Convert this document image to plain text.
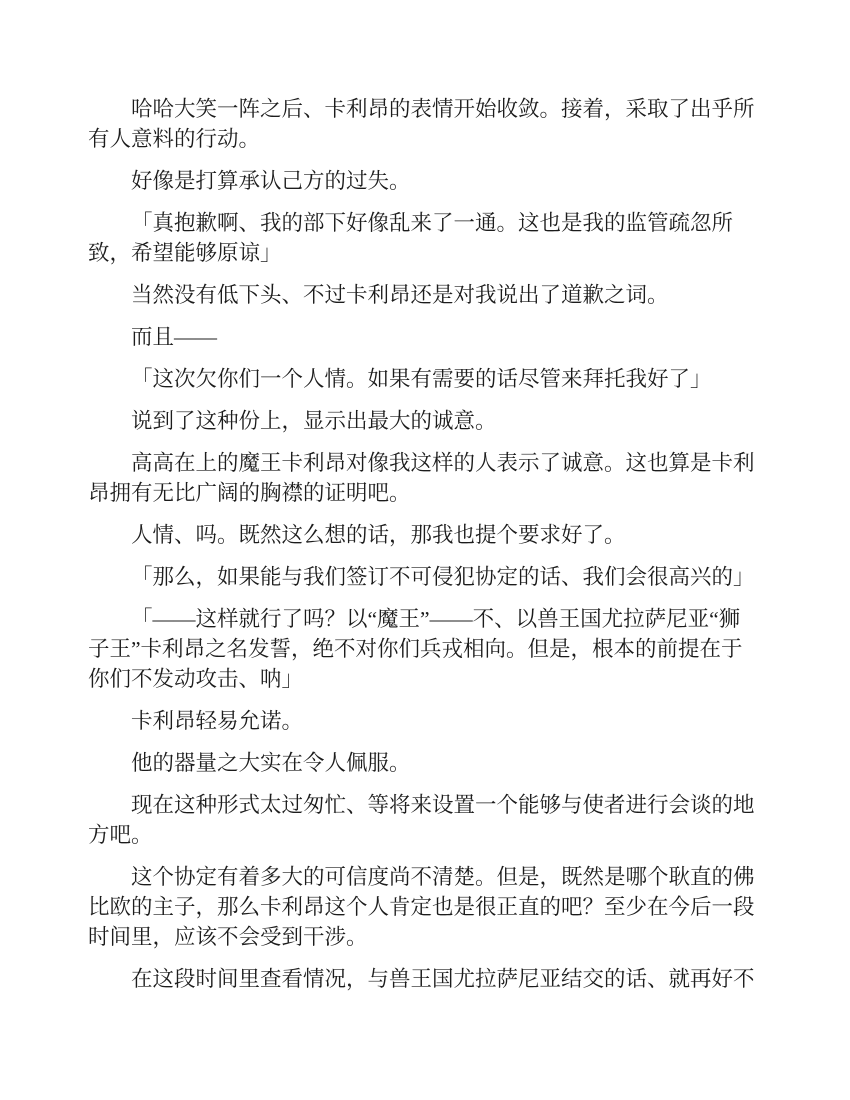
哈哈大笑一阵之后、卡利昂的表情开始收敛。接着，采取了出乎所有人意料的行动。

好像是打算承认己方的过失。

「真抱歉啊、我的部下好像乱来了一通。这也是我的监管疏忽所致，希望能够原谅」

当然没有低下头、不过卡利昂还是对我说出了道歉之词。

而且——

「这次欠你们一个人情。如果有需要的话尽管来拜托我好了」

说到了这种份上，显示出最大的诚意。

高高在上的魔王卡利昂对像我这样的人表示了诚意。这也算是卡利昂拥有无比广阔的胸襟的证明吧。

人情、吗。既然这么想的话，那我也提个要求好了。

「那么，如果能与我们签订不可侵犯协定的话、我们会很高兴的」

「——这样就行了吗？以“魔王”——不、以兽王国尤拉萨尼亚“狮子王”卡利昂之名发誓，绝不对你们兵戎相向。但是，根本的前提在于你们不发动攻击、呐」

卡利昂轻易允诺。

他的器量之大实在令人佩服。

现在这种形式太过匆忙、等将来设置一个能够与使者进行会谈的地方吧。

这个协定有着多大的可信度尚不清楚。但是，既然是哪个耿直的佛比欧的主子，那么卡利昂这个人肯定也是很正直的吧？至少在今后一段时间里，应该不会受到干涉。

在这段时间里查看情况，与兽王国尤拉萨尼亚结交的话、就再好不
